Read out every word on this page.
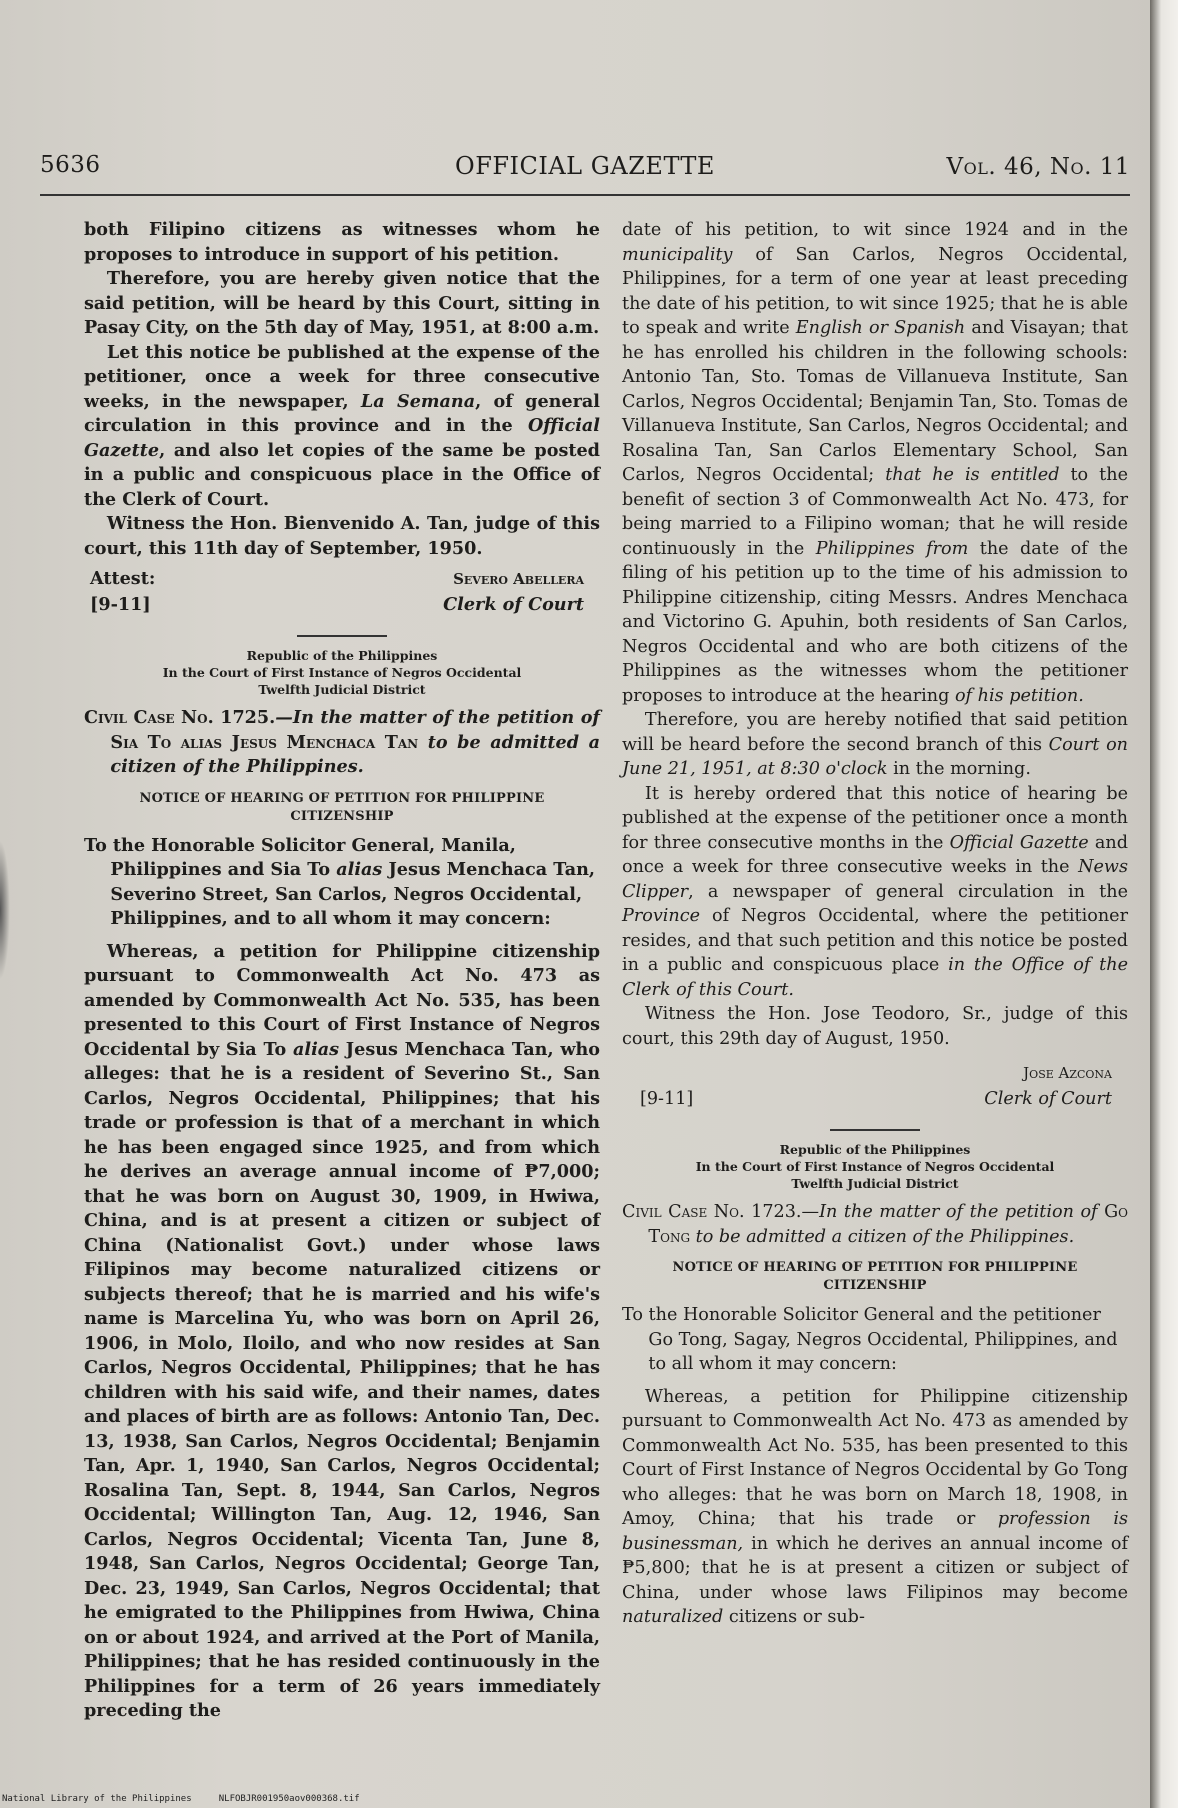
5636	OFFICIAL GAZETTE	Vol. 46, No. 11

both Filipino citizens as witnesses whom he proposes to introduce in support of his petition.

Therefore, you are hereby given notice that the said petition, will be heard by this Court, sitting in Pasay City, on the 5th day of May, 1951, at 8:00 a.m.

Let this notice be published at the expense of the petitioner, once a week for three consecutive weeks, in the newspaper, La Semana, of general circulation in this province and in the Official Gazette, and also let copies of the same be posted in a public and conspicuous place in the Office of the Clerk of Court.

Witness the Hon. Bienvenido A. Tan, judge of this court, this 11th day of September, 1950.

Attest:
[9-11]
Severo Abellera
Clerk of Court
Republic of the Philippines
In the Court of First Instance of Negros Occidental
Twelfth Judicial District

Civil Case No. 1725.—In the matter of the petition of Sia To alias Jesus Menchaca Tan to be admitted a citizen of the Philippines.

NOTICE OF HEARING OF PETITION FOR PHILIPPINE CITIZENSHIP

To the Honorable Solicitor General, Manila, Philippines and Sia To alias Jesus Menchaca Tan, Severino Street, San Carlos, Negros Occidental, Philippines, and to all whom it may concern:

Whereas, a petition for Philippine citizenship pursuant to Commonwealth Act No. 473 as amended by Commonwealth Act No. 535, has been presented to this Court of First Instance of Negros Occidental by Sia To alias Jesus Menchaca Tan, who alleges: that he is a resident of Severino St., San Carlos, Negros Occidental, Philippines; that his trade or profession is that of a merchant in which he has been engaged since 1925, and from which he derives an average annual income of ₱7,000; that he was born on August 30, 1909, in Hwiwa, China, and is at present a citizen or subject of China (Nationalist Govt.) under whose laws Filipinos may become naturalized citizens or subjects thereof; that he is married and his wife's name is Marcelina Yu, who was born on April 26, 1906, in Molo, Iloilo, and who now resides at San Carlos, Negros Occidental, Philippines; that he has children with his said wife, and their names, dates and places of birth are as follows: Antonio Tan, Dec. 13, 1938, San Carlos, Negros Occidental; Benjamin Tan, Apr. 1, 1940, San Carlos, Negros Occidental; Rosalina Tan, Sept. 8, 1944, San Carlos, Negros Occidental; Willington Tan, Aug. 12, 1946, San Carlos, Negros Occidental; Vicenta Tan, June 8, 1948, San Carlos, Negros Occidental; George Tan, Dec. 23, 1949, San Carlos, Negros Occidental; that he emigrated to the Philippines from Hwiwa, China on or about 1924, and arrived at the Port of Manila, Philippines; that he has resided continuously in the Philippines for a term of 26 years immediately preceding the

date of his petition, to wit since 1924 and in the municipality of San Carlos, Negros Occidental, Philippines, for a term of one year at least preceding the date of his petition, to wit since 1925; that he is able to speak and write English or Spanish and Visayan; that he has enrolled his children in the following schools: Antonio Tan, Sto. Tomas de Villanueva Institute, San Carlos, Negros Occidental; Benjamin Tan, Sto. Tomas de Villanueva Institute, San Carlos, Negros Occidental; and Rosalina Tan, San Carlos Elementary School, San Carlos, Negros Occidental; that he is entitled to the benefit of section 3 of Commonwealth Act No. 473, for being married to a Filipino woman; that he will reside continuously in the Philippines from the date of the filing of his petition up to the time of his admission to Philippine citizenship, citing Messrs. Andres Menchaca and Victorino G. Apuhin, both residents of San Carlos, Negros Occidental and who are both citizens of the Philippines as the witnesses whom the petitioner proposes to introduce at the hearing of his petition.

Therefore, you are hereby notified that said petition will be heard before the second branch of this Court on June 21, 1951, at 8:30 o'clock in the morning.

It is hereby ordered that this notice of hearing be published at the expense of the petitioner once a month for three consecutive months in the Official Gazette and once a week for three consecutive weeks in the News Clipper, a newspaper of general circulation in the Province of Negros Occidental, where the petitioner resides, and that such petition and this notice be posted in a public and conspicuous place in the Office of the Clerk of this Court.

Witness the Hon. Jose Teodoro, Sr., judge of this court, this 29th day of August, 1950.

Jose Azcona
[9-11]	Clerk of Court
Republic of the Philippines
In the Court of First Instance of Negros Occidental
Twelfth Judicial District

Civil Case No. 1723.—In the matter of the petition of Go Tong to be admitted a citizen of the Philippines.

NOTICE OF HEARING OF PETITION FOR PHILIPPINE CITIZENSHIP

To the Honorable Solicitor General and the petitioner Go Tong, Sagay, Negros Occidental, Philippines, and to all whom it may concern:

Whereas, a petition for Philippine citizenship pursuant to Commonwealth Act No. 473 as amended by Commonwealth Act No. 535, has been presented to this Court of First Instance of Negros Occidental by Go Tong who alleges: that he was born on March 18, 1908, in Amoy, China; that his trade or profession is businessman, in which he derives an annual income of ₱5,800; that he is at present a citizen or subject of China, under whose laws Filipinos may become naturalized citizens or sub-

National Library of the Philippines     NLFOBJR001950aov000368.tif
